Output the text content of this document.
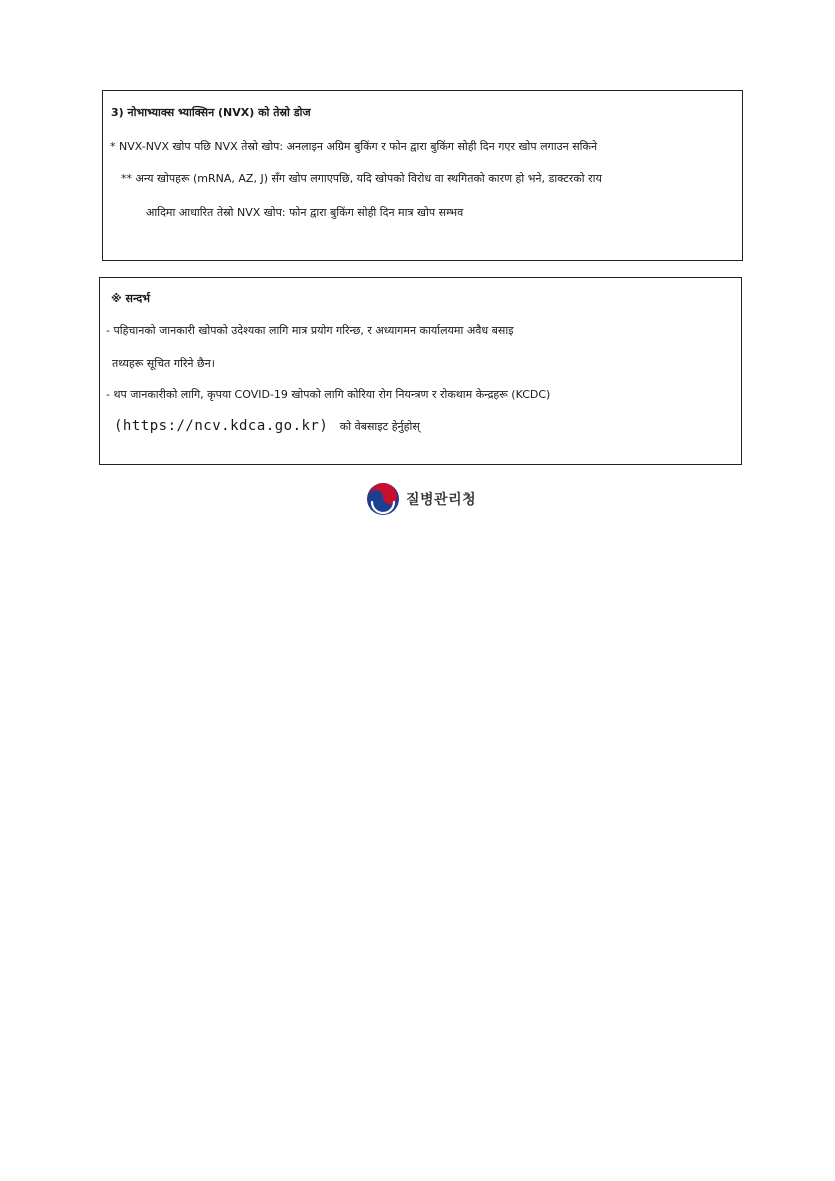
3) नोभाभ्याक्स भ्याक्सिन (NVX) को तेस्रो डोज
* NVX-NVX खोप पछि NVX तेस्रो खोप: अनलाइन अग्रिम बुकिंग र फोन द्वारा बुकिंग सोही दिन गएर खोप लगाउन सकिने
** अन्य खोपहरू (mRNA, AZ, J) सँग खोप लगाएपछि, यदि खोपको विरोध वा स्थगितको कारण हो भने, डाक्टरको राय
आदिमा आधारित तेस्रो NVX खोप: फोन द्वारा बुकिंग सोही दिन मात्र खोप सम्भव
※ सन्दर्भ
- पहिचानको जानकारी खोपको उदेश्यका लागि मात्र प्रयोग गरिन्छ, र अध्यागमन कार्यालयमा अवैध बसाइ
तथ्यहरू सूचित गरिने छैन।
- थप जानकारीको लागि, कृपया COVID-19 खोपको लागि कोरिया रोग नियन्त्रण र रोकथाम केन्द्रहरू (KCDC)
(https://ncv.kdca.go.kr) को वेबसाइट हेर्नुहोस्
질병관리청
